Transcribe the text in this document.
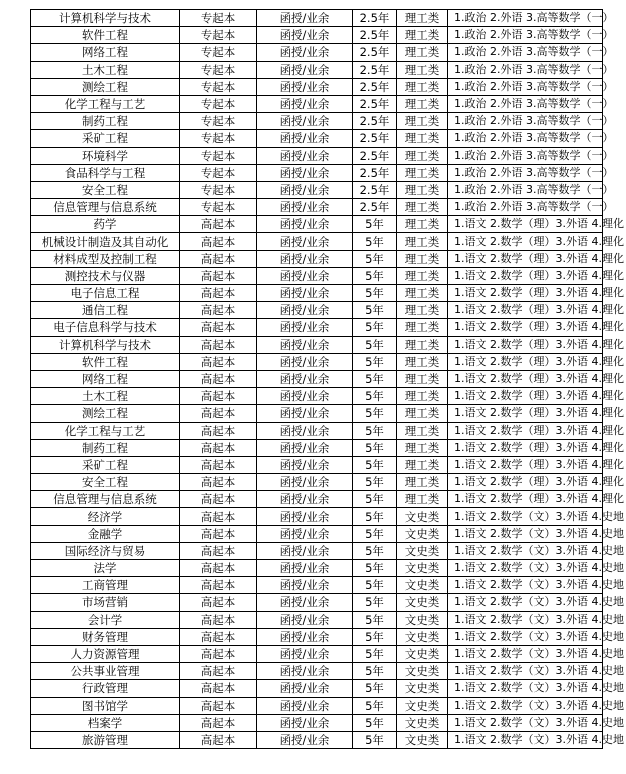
计算机科学与技术	专起本	函授/业余	2.5年	理工类	1.政治 2.外语 3.高等数学（一）
软件工程	专起本	函授/业余	2.5年	理工类	1.政治 2.外语 3.高等数学（一）
网络工程	专起本	函授/业余	2.5年	理工类	1.政治 2.外语 3.高等数学（一）
土木工程	专起本	函授/业余	2.5年	理工类	1.政治 2.外语 3.高等数学（一）
测绘工程	专起本	函授/业余	2.5年	理工类	1.政治 2.外语 3.高等数学（一）
化学工程与工艺	专起本	函授/业余	2.5年	理工类	1.政治 2.外语 3.高等数学（一）
制药工程	专起本	函授/业余	2.5年	理工类	1.政治 2.外语 3.高等数学（一）
采矿工程	专起本	函授/业余	2.5年	理工类	1.政治 2.外语 3.高等数学（一）
环境科学	专起本	函授/业余	2.5年	理工类	1.政治 2.外语 3.高等数学（一）
食品科学与工程	专起本	函授/业余	2.5年	理工类	1.政治 2.外语 3.高等数学（一）
安全工程	专起本	函授/业余	2.5年	理工类	1.政治 2.外语 3.高等数学（一）
信息管理与信息系统	专起本	函授/业余	2.5年	理工类	1.政治 2.外语 3.高等数学（一）
药学	高起本	函授/业余	5年	理工类	1.语文 2.数学（理）3.外语 4.理化
机械设计制造及其自动化	高起本	函授/业余	5年	理工类	1.语文 2.数学（理）3.外语 4.理化
材料成型及控制工程	高起本	函授/业余	5年	理工类	1.语文 2.数学（理）3.外语 4.理化
测控技术与仪器	高起本	函授/业余	5年	理工类	1.语文 2.数学（理）3.外语 4.理化
电子信息工程	高起本	函授/业余	5年	理工类	1.语文 2.数学（理）3.外语 4.理化
通信工程	高起本	函授/业余	5年	理工类	1.语文 2.数学（理）3.外语 4.理化
电子信息科学与技术	高起本	函授/业余	5年	理工类	1.语文 2.数学（理）3.外语 4.理化
计算机科学与技术	高起本	函授/业余	5年	理工类	1.语文 2.数学（理）3.外语 4.理化
软件工程	高起本	函授/业余	5年	理工类	1.语文 2.数学（理）3.外语 4.理化
网络工程	高起本	函授/业余	5年	理工类	1.语文 2.数学（理）3.外语 4.理化
土木工程	高起本	函授/业余	5年	理工类	1.语文 2.数学（理）3.外语 4.理化
测绘工程	高起本	函授/业余	5年	理工类	1.语文 2.数学（理）3.外语 4.理化
化学工程与工艺	高起本	函授/业余	5年	理工类	1.语文 2.数学（理）3.外语 4.理化
制药工程	高起本	函授/业余	5年	理工类	1.语文 2.数学（理）3.外语 4.理化
采矿工程	高起本	函授/业余	5年	理工类	1.语文 2.数学（理）3.外语 4.理化
安全工程	高起本	函授/业余	5年	理工类	1.语文 2.数学（理）3.外语 4.理化
信息管理与信息系统	高起本	函授/业余	5年	理工类	1.语文 2.数学（理）3.外语 4.理化
经济学	高起本	函授/业余	5年	文史类	1.语文 2.数学（文）3.外语 4.史地
金融学	高起本	函授/业余	5年	文史类	1.语文 2.数学（文）3.外语 4.史地
国际经济与贸易	高起本	函授/业余	5年	文史类	1.语文 2.数学（文）3.外语 4.史地
法学	高起本	函授/业余	5年	文史类	1.语文 2.数学（文）3.外语 4.史地
工商管理	高起本	函授/业余	5年	文史类	1.语文 2.数学（文）3.外语 4.史地
市场营销	高起本	函授/业余	5年	文史类	1.语文 2.数学（文）3.外语 4.史地
会计学	高起本	函授/业余	5年	文史类	1.语文 2.数学（文）3.外语 4.史地
财务管理	高起本	函授/业余	5年	文史类	1.语文 2.数学（文）3.外语 4.史地
人力资源管理	高起本	函授/业余	5年	文史类	1.语文 2.数学（文）3.外语 4.史地
公共事业管理	高起本	函授/业余	5年	文史类	1.语文 2.数学（文）3.外语 4.史地
行政管理	高起本	函授/业余	5年	文史类	1.语文 2.数学（文）3.外语 4.史地
图书馆学	高起本	函授/业余	5年	文史类	1.语文 2.数学（文）3.外语 4.史地
档案学	高起本	函授/业余	5年	文史类	1.语文 2.数学（文）3.外语 4.史地
旅游管理	高起本	函授/业余	5年	文史类	1.语文 2.数学（文）3.外语 4.史地
